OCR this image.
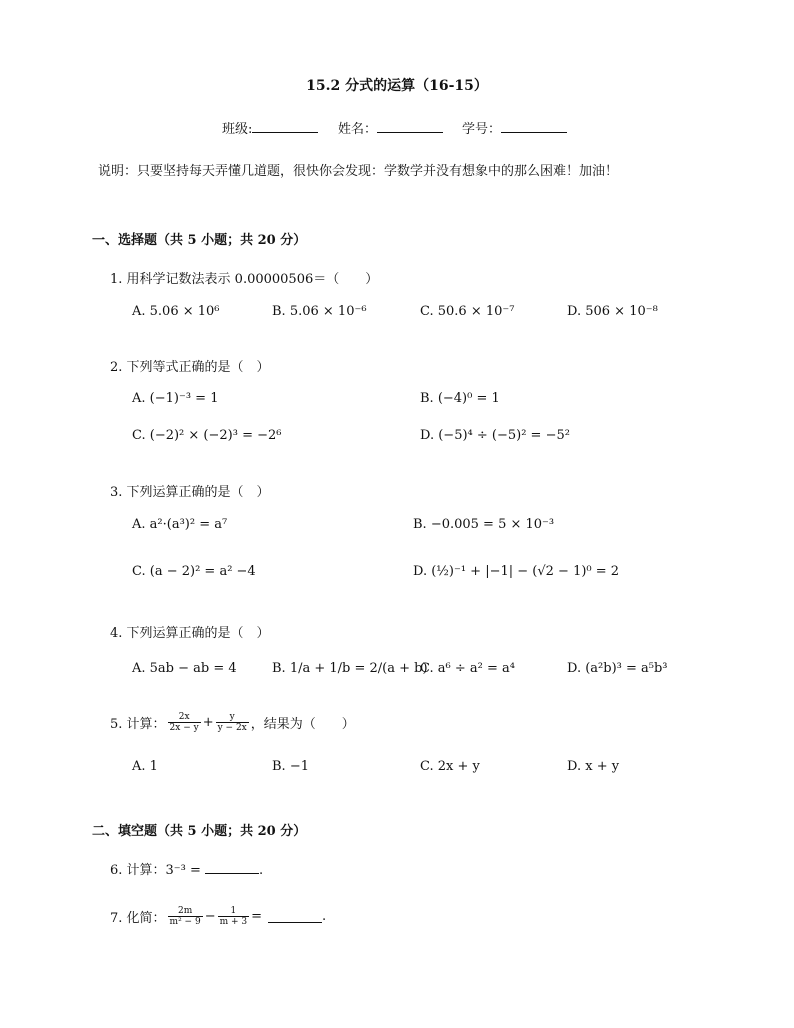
15.2 分式的运算（16-15）
班级:	姓名：	学号：
说明：只要坚持每天弄懂几道题，很快你会发现：学数学并没有想象中的那么困难！加油！
一、选择题（共 5 小题；共 20 分）
1. 用科学记数法表示 0.00000506＝（　　）
A. 5.06 × 10⁶	B. 5.06 × 10⁻⁶	C. 50.6 × 10⁻⁷	D. 506 × 10⁻⁸
2. 下列等式正确的是（　）
A. (−1)⁻³ = 1	B. (−4)⁰ = 1
C. (−2)² × (−2)³ = −2⁶	D. (−5)⁴ ÷ (−5)² = −5²
3. 下列运算正确的是（　）
A. a²·(a³)² = a⁷	B. −0.005 = 5 × 10⁻³
C. (a − 2)² = a² −4	D. (½)⁻¹ + |−1| − (√2 − 1)⁰ = 2
4. 下列运算正确的是（　）
A. 5ab − ab = 4	B. 1/a + 1/b = 2/(a + b)
C. a⁶ ÷ a² = a⁴	D. (a²b)³ = a⁵b³
5. 计算： $\frac{2x}{2x - y} + \frac{y}{y - 2x}$ ，结果为（　　）
A. 1	B. −1	C. 2x + y	D. x + y
二、填空题（共 5 小题；共 20 分）
6. 计算：3⁻³ =	.
7. 化简： $\frac{2m}{\text{m² − 9}} - \frac{1}{m + 3}$ =	.
